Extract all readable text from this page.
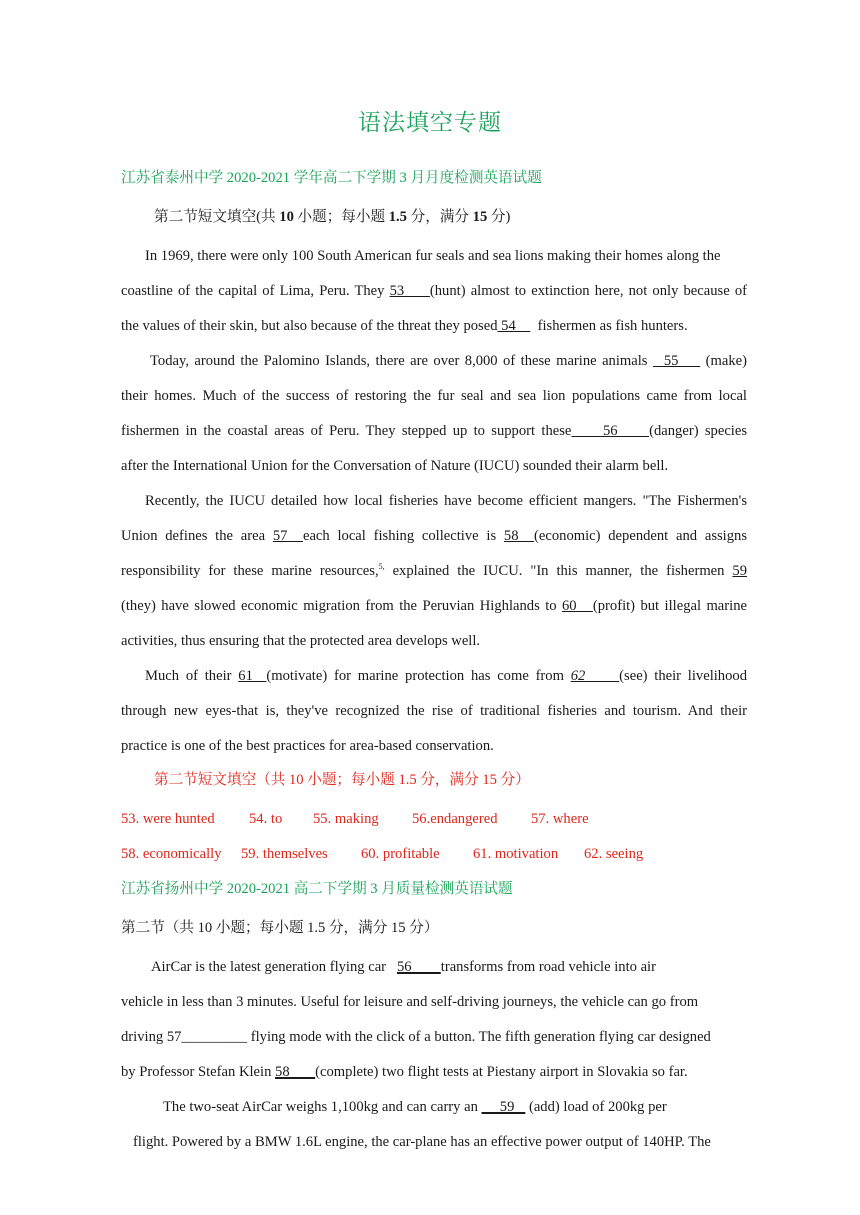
语法填空专题
江苏省泰州中学 2020-2021 学年高二下学期 3 月月度检测英语试题
第二节短文填空(共 10 小题；每小题 1.5 分，满分 15 分)
In 1969, there were only 100 South American fur seals and sea lions making their homes along the
coastline of the capital of Lima, Peru. They 53     (hunt) almost to extinction here, not only because of
the values of their skin, but also because of the threat they posed 54      fishermen as fish hunters.
Today, around the Palomino Islands, there are over 8,000 of these marine animals   55     (make)
their homes. Much of the success of restoring the fur seal and sea lion populations came from local
fishermen in the coastal areas of Peru. They stepped up to support these     56     (danger) species
after the International Union for the Conversation of Nature (IUCU) sounded their alarm bell.
Recently, the IUCU detailed how local fisheries have become efficient mangers. "The Fishermen's
Union defines the area 57  each local fishing collective is 58  (economic) dependent and assigns
responsibility for these marine resources,$^{5,}$ explained the IUCU. "In this manner, the fishermen 59
(they) have slowed economic migration from the Peruvian Highlands to 60   (profit) but illegal marine
activities, thus ensuring that the protected area develops well.
Much of their 61  (motivate) for marine protection has come from 62     (see) their livelihood
through new eyes-that is, they've recognized the rise of traditional fisheries and tourism. And their
practice is one of the best practices for area-based conservation.
第二节短文填空（共 10 小题；每小题 1.5 分，满分 15 分）
53. were hunted 54. to 55. making 56.endangered 57. where
58. economically 59. themselves 60. profitable 61. motivation 62. seeing
江苏省扬州中学 2020-2021 高二下学期 3 月质量检测英语试题
第二节（共 10 小题；每小题 1.5 分，满分 15 分）
AirCar is the latest generation flying car   56        transforms from road vehicle into air
vehicle in less than 3 minutes. Useful for leisure and self-driving journeys, the vehicle can go from
driving 57_________ flying mode with the click of a button. The fifth generation flying car designed
by Professor Stefan Klein 58       (complete) two flight tests at Piestany airport in Slovakia so far.
The two-seat AirCar weighs 1,100kg and can carry an      59    (add) load of 200kg per
flight. Powered by a BMW 1.6L engine, the car-plane has an effective power output of 140HP. The
